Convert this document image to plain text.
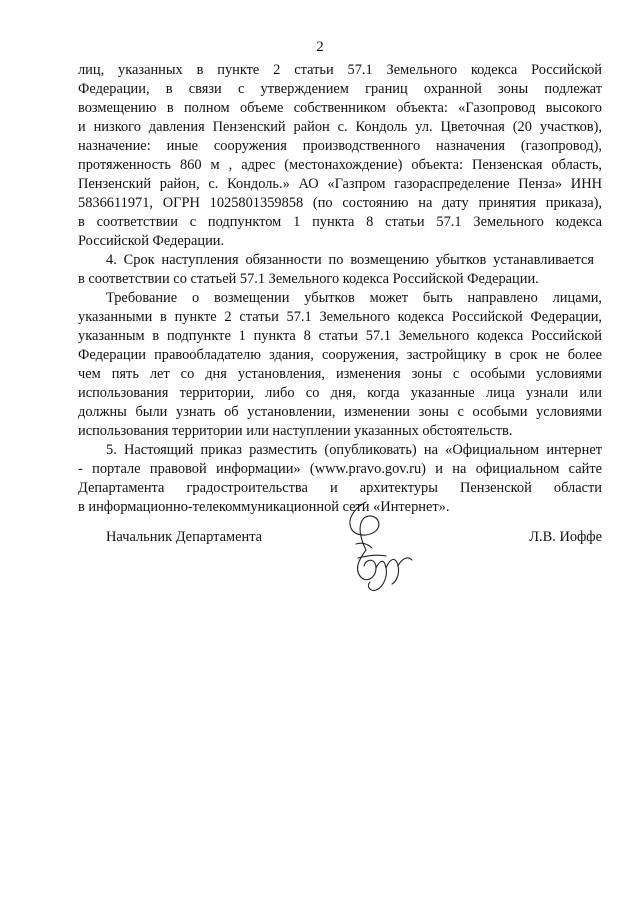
2
лиц, указанных в пункте 2 статьи 57.1 Земельного кодекса Российской
Федерации, в связи с утверждением границ охранной зоны подлежат
возмещению в полном объеме собственником объекта: «Газопровод высокого
и низкого давления Пензенский район с. Кондоль ул. Цветочная (20 участков),
назначение: иные сооружения производственного назначения (газопровод),
протяженность 860 м , адрес (местонахождение) объекта: Пензенская область,
Пензенский район, с. Кондоль.» АО «Газпром газораспределение Пенза» ИНН
5836611971, ОГРН 1025801359858 (по состоянию на дату принятия приказа),
в соответствии с подпунктом 1 пункта 8 статьи 57.1 Земельного кодекса
Российской Федерации.
4. Срок наступления обязанности по возмещению убытков устанавливается
в соответствии со статьей 57.1 Земельного кодекса Российской Федерации.
Требование о возмещении убытков может быть направлено лицами,
указанными в пункте 2 статьи 57.1 Земельного кодекса Российской Федерации,
указанным в подпункте 1 пункта 8 статьи 57.1 Земельного кодекса Российской
Федерации правообладателю здания, сооружения, застройщику в срок не более
чем пять лет со дня установления, изменения зоны с особыми условиями
использования территории, либо со дня, когда указанные лица узнали или
должны были узнать об установлении, изменении зоны с особыми условиями
использования территории или наступлении указанных обстоятельств.
5. Настоящий приказ разместить (опубликовать) на «Официальном интернет
- портале правовой информации» (www.pravo.gov.ru) и на официальном сайте
Департамента градостроительства и архитектуры Пензенской области
в информационно-телекоммуникационной сети «Интернет».
Начальник Департамента	Л.В. Иоффе
